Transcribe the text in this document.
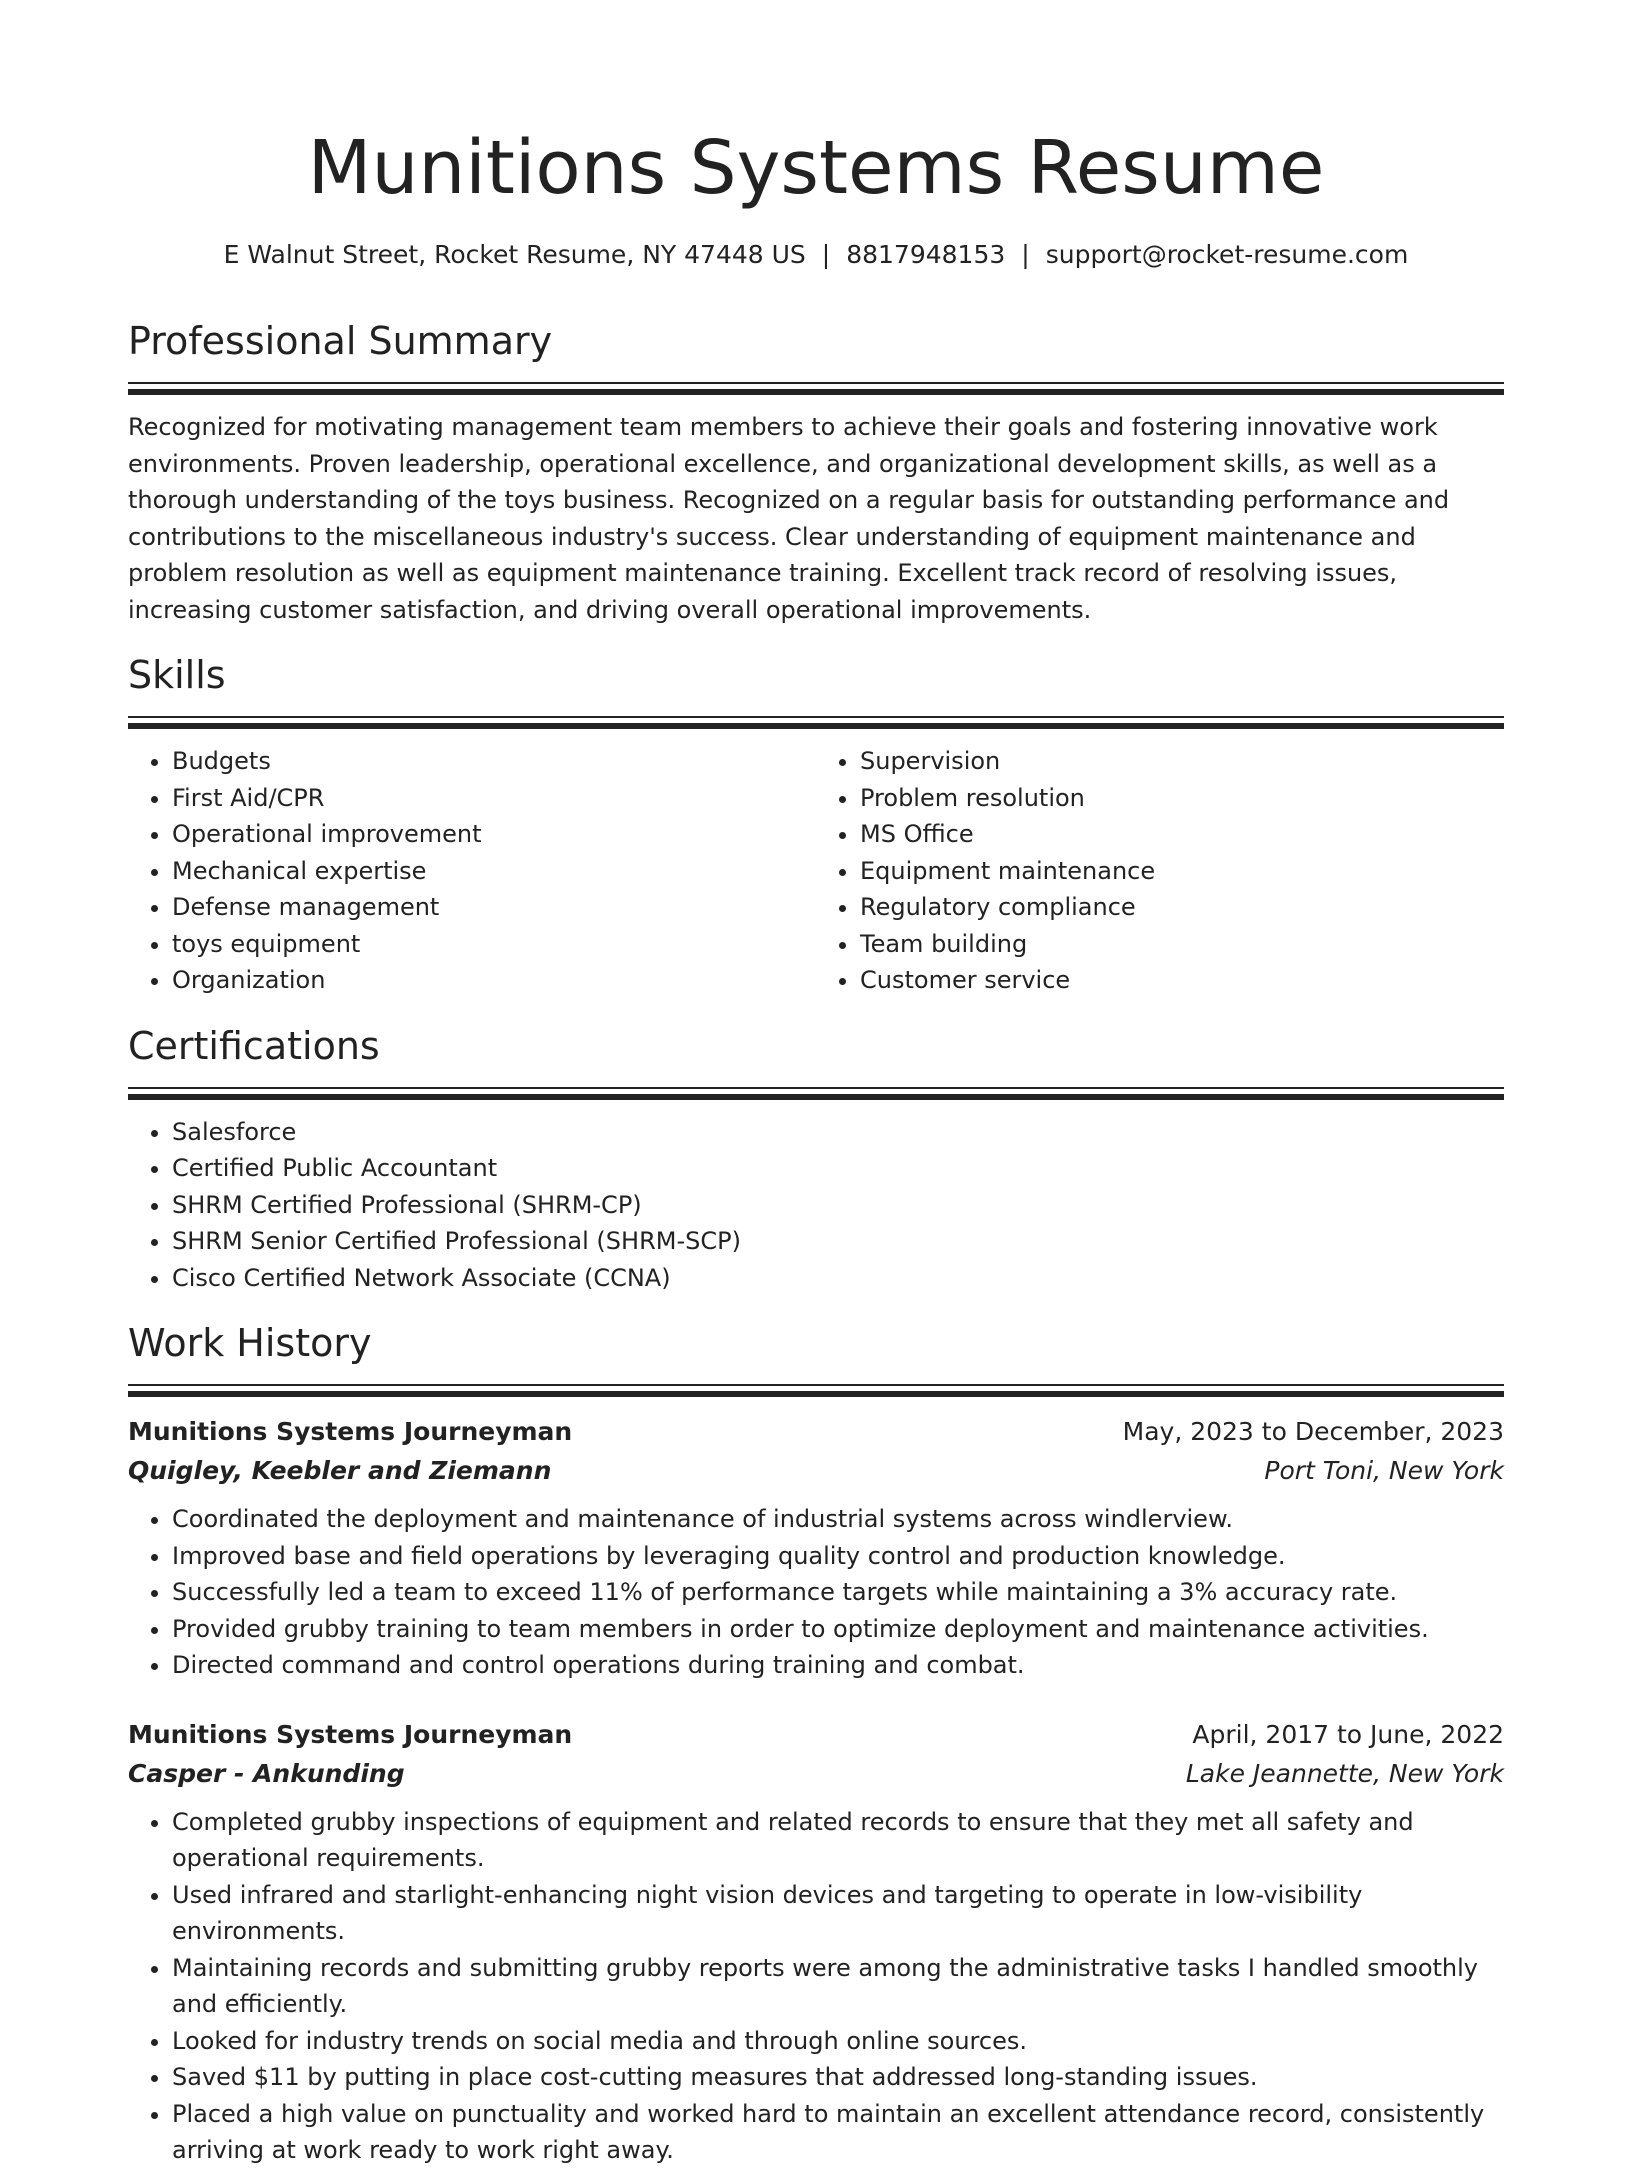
Munitions Systems Resume
E Walnut Street, Rocket Resume, NY 47448 US | 8817948153 | support@rocket-resume.com
Professional Summary

Recognized for motivating management team members to achieve their goals and fostering innovative work environments. Proven leadership, operational excellence, and organizational development skills, as well as a thorough understanding of the toys business. Recognized on a regular basis for outstanding performance and contributions to the miscellaneous industry's success. Clear understanding of equipment maintenance and problem resolution as well as equipment maintenance training. Excellent track record of resolving issues, increasing customer satisfaction, and driving overall operational improvements.

Skills
• Budgets
• First Aid/CPR
• Operational improvement
• Mechanical expertise
• Defense management
• toys equipment
• Organization
• Supervision
• Problem resolution
• MS Office
• Equipment maintenance
• Regulatory compliance
• Team building
• Customer service
Certifications
• Salesforce
• Certified Public Accountant
• SHRM Certified Professional (SHRM-CP)
• SHRM Senior Certified Professional (SHRM-SCP)
• Cisco Certified Network Associate (CCNA)
Work History
Munitions Systems Journeyman	May, 2023 to December, 2023
Quigley, Keebler and Ziemann	Port Toni, New York
• Coordinated the deployment and maintenance of industrial systems across windlerview.
• Improved base and field operations by leveraging quality control and production knowledge.
• Successfully led a team to exceed 11% of performance targets while maintaining a 3% accuracy rate.
• Provided grubby training to team members in order to optimize deployment and maintenance activities.
• Directed command and control operations during training and combat.
Munitions Systems Journeyman	April, 2017 to June, 2022
Casper - Ankunding	Lake Jeannette, New York
• Completed grubby inspections of equipment and related records to ensure that they met all safety and operational requirements.
• Used infrared and starlight-enhancing night vision devices and targeting to operate in low-visibility environments.
• Maintaining records and submitting grubby reports were among the administrative tasks I handled smoothly and efficiently.
• Looked for industry trends on social media and through online sources.
• Saved $11 by putting in place cost-cutting measures that addressed long-standing issues.
• Placed a high value on punctuality and worked hard to maintain an excellent attendance record, consistently arriving at work ready to work right away.
